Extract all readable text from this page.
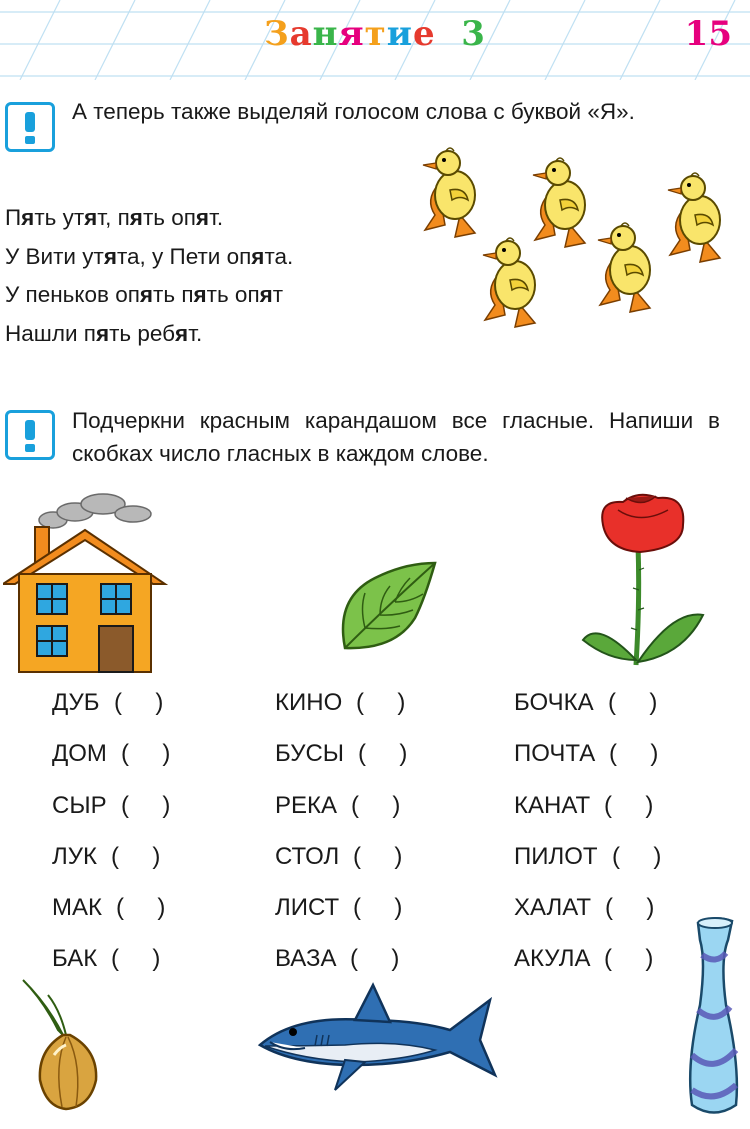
Занятие 3	15
А теперь также выделяй голосом слова с буквой «Я».
Пять утят, пять опят.
У Вити утята, у Пети опята.
У пеньков опять пять опят
Нашли пять ребят.
Подчеркни красным карандашом все гласные. Напиши в скобках число гласных в каждом слове.
ДУБ (     )
ДОМ (     )
СЫР (     )
ЛУК (     )
МАК (     )
БАК (     )
КИНО (     )
БУСЫ (     )
РЕКА (     )
СТОЛ (     )
ЛИСТ (     )
ВАЗА (     )
БОЧКА (     )
ПОЧТА (     )
КАНАТ (     )
ПИЛОТ (     )
ХАЛАТ (     )
АКУЛА (     )
